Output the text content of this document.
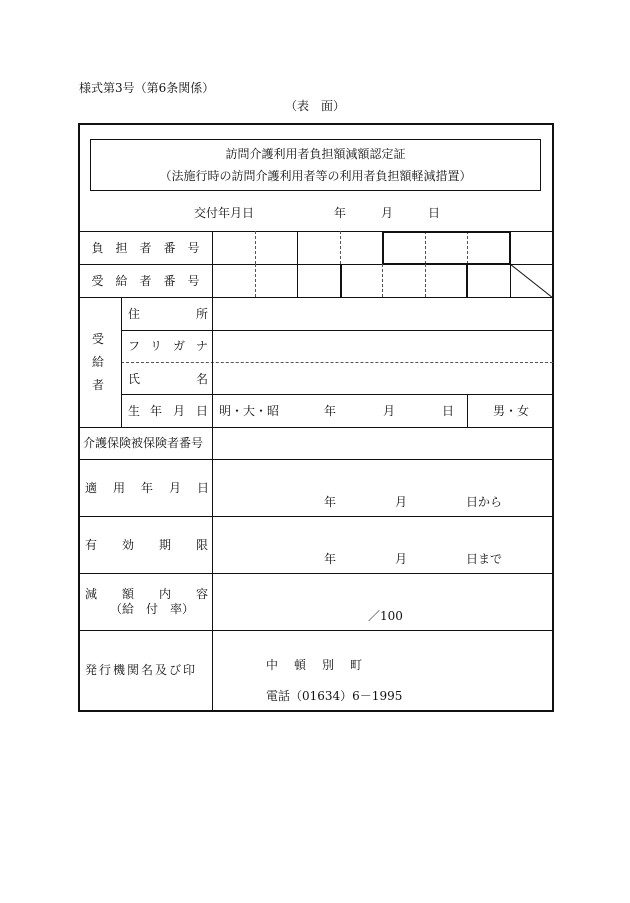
様式第3号（第6条関係）
（表　面）
訪問介護利用者負担額減額認定証
（法施行時の訪問介護利用者等の利用者負担額軽減措置）
交付年月日	年	月	日
負　担　者　番　号
受　給　者　番　号
受
給
者
住	所
フ リ ガ ナ
氏	名
生 年 月 日 明・大・昭	年	月	日	男・女
介護保険被保険者番号
適 用 年 月 日
年	月	日から
有 効 期 限
年	月	日まで
減 額 内 容
（給　付　率）	／100
発行機関名及び印	中　頓　別　町
電話（01634）6－1995
